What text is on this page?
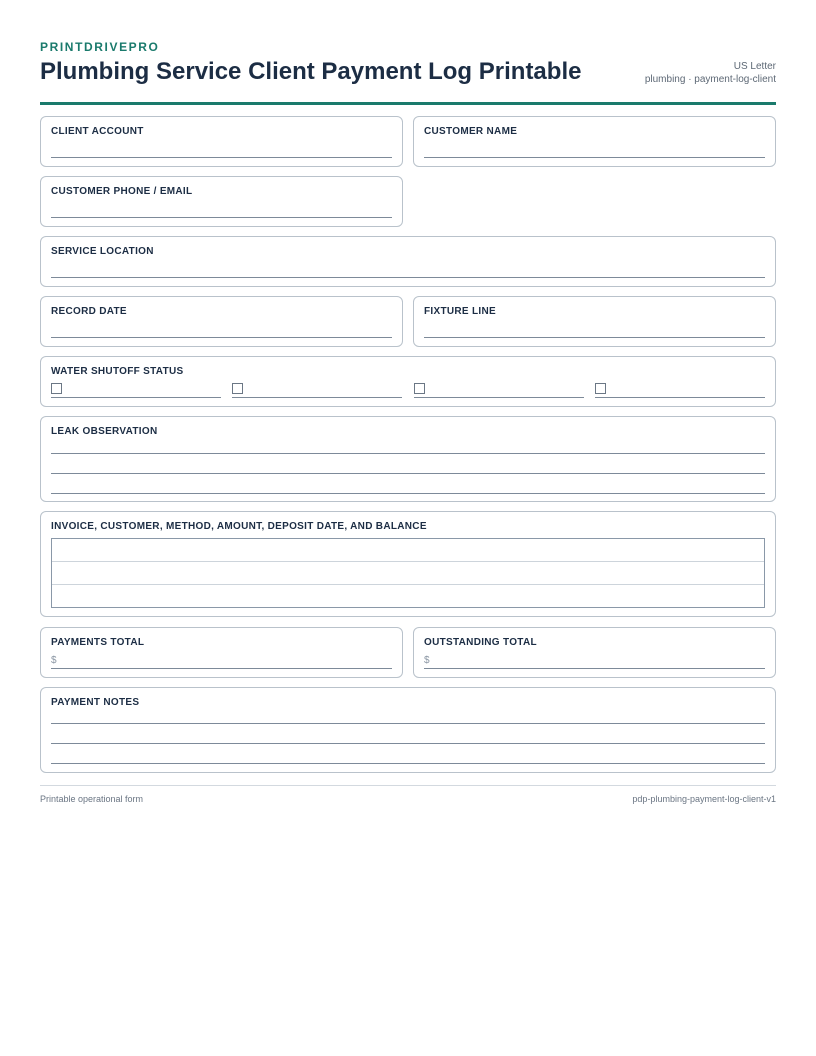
PRINTDRIVEPRO
Plumbing Service Client Payment Log Printable	US Letter
plumbing · payment-log-client
CLIENT ACCOUNT	CUSTOMER NAME
CUSTOMER PHONE / EMAIL
SERVICE LOCATION
RECORD DATE	FIXTURE LINE
WATER SHUTOFF STATUS
LEAK OBSERVATION
INVOICE, CUSTOMER, METHOD, AMOUNT, DEPOSIT DATE, AND BALANCE
PAYMENTS TOTAL
$
OUTSTANDING TOTAL
$
PAYMENT NOTES
Printable operational form	pdp-plumbing-payment-log-client-v1
